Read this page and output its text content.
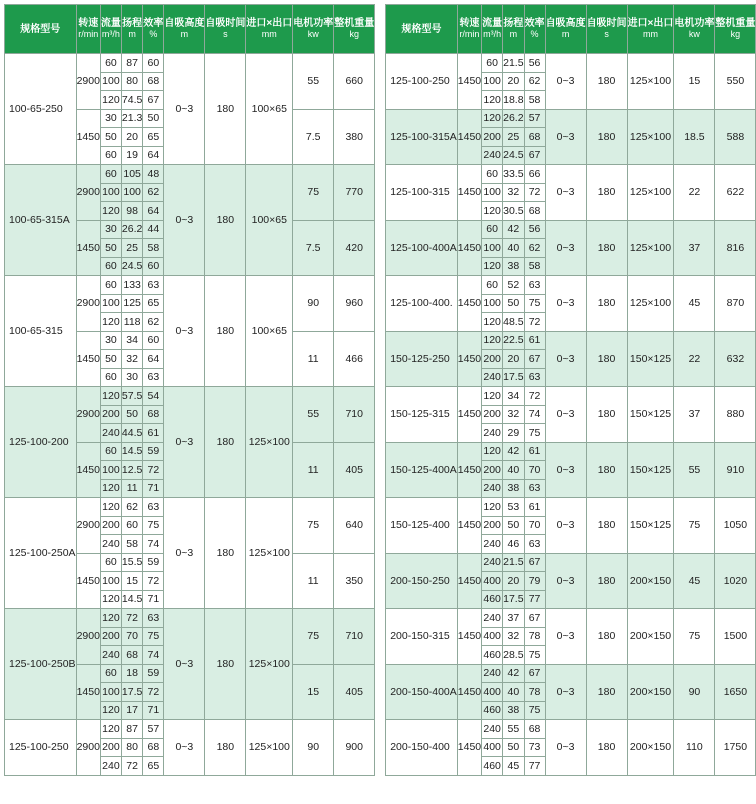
规格型号	转速
r/min	流量
m³/h	扬程
m	效率
%	自吸高度
m	自吸时间
s	进口×出口
mm	电机功率
kw	整机重量
kg

100-65-250	2900	60	87	60	0~3	180	100×65	55	660
		100	80	68					
		120	74.5	67					
	1450	30	21.3	50				7.5	380
		50	20	65					
		60	19	64					
100-65-315A	2900	60	105	48	0~3	180	100×65	75	770
		100	100	62					
		120	98	64					
	1450	30	26.2	44				7.5	420
		50	25	58					
		60	24.5	60					
100-65-315	2900	60	133	63	0~3	180	100×65	90	960
		100	125	65					
		120	118	62					
	1450	30	34	60				11	466
		50	32	64					
		60	30	63					
125-100-200	2900	120	57.5	54	0~3	180	125×100	55	710
		200	50	68					
		240	44.5	61					
	1450	60	14.5	59				11	405
		100	12.5	72					
		120	11	71					
125-100-250A	2900	120	62	63	0~3	180	125×100	75	640
		200	60	75					
		240	58	74					
	1450	60	15.5	59				11	350
		100	15	72					
		120	14.5	71					
125-100-250B	2900	120	72	63	0~3	180	125×100	75	710
		200	70	75					
		240	68	74					
	1450	60	18	59				15	405
		100	17.5	72					
		120	17	71					
125-100-250	2900	120	87	57	0~3	180	125×100	90	900
		200	80	68					
		240	72	65					
规格型号	转速
r/min	流量
m³/h	扬程
m	效率
%	自吸高度
m	自吸时间
s	进口×出口
mm	电机功率
kw	整机重量
kg

125-100-250	1450	60	21.5	56	0~3	180	125×100	15	550
		100	20	62					
		120	18.8	58					
125-100-315A	1450	120	26.2	57	0~3	180	125×100	18.5	588
		200	25	68					
		240	24.5	67					
125-100-315	1450	60	33.5	66	0~3	180	125×100	22	622
		100	32	72					
		120	30.5	68					
125-100-400A	1450	60	42	56	0~3	180	125×100	37	816
		100	40	62					
		120	38	58					
125-100-400.	1450	60	52	63	0~3	180	125×100	45	870
		100	50	75					
		120	48.5	72					
150-125-250	1450	120	22.5	61	0~3	180	150×125	22	632
		200	20	67					
		240	17.5	63					
150-125-315	1450	120	34	72	0~3	180	150×125	37	880
		200	32	74					
		240	29	75					
150-125-400A	1450	120	42	61	0~3	180	150×125	55	910
		200	40	70					
		240	38	63					
150-125-400	1450	120	53	61	0~3	180	150×125	75	1050
		200	50	70					
		240	46	63					
200-150-250	1450	240	21.5	67	0~3	180	200×150	45	1020
		400	20	79					
		460	17.5	77					
200-150-315	1450	240	37	67	0~3	180	200×150	75	1500
		400	32	78					
		460	28.5	75					
200-150-400A	1450	240	42	67	0~3	180	200×150	90	1650
		400	40	78					
		460	38	75					
200-150-400	1450	240	55	68	0~3	180	200×150	110	1750
		400	50	73					
		460	45	77					
